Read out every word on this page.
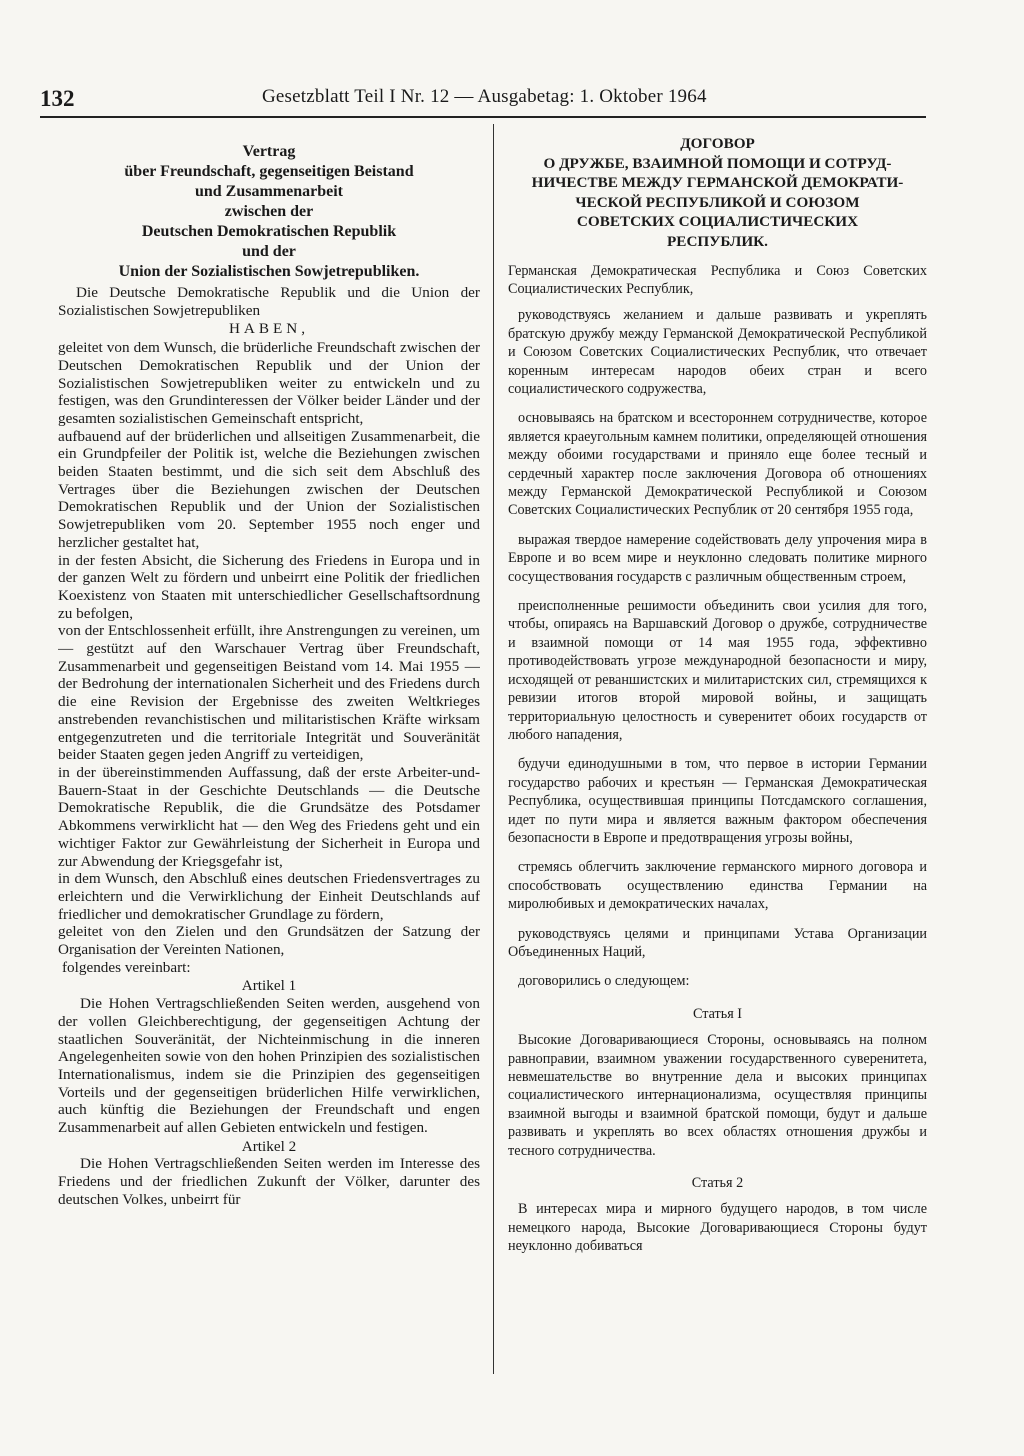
132	Gesetzblatt Teil I Nr. 12 — Ausgabetag: 1. Oktober 1964
Vertrag
über Freundschaft, gegenseitigen Beistand
und Zusammenarbeit
zwischen der
Deutschen Demokratischen Republik
und der
Union der Sozialistischen Sowjetrepubliken.

Die Deutsche Demokratische Republik und die Union der Sozialistischen Sowjetrepubliken

HABEN,

geleitet von dem Wunsch, die brüderliche Freundschaft zwischen der Deutschen Demokratischen Republik und der Union der Sozialistischen Sowjetrepubliken weiter zu entwickeln und zu festigen, was den Grundinteressen der Völker beider Länder und der gesamten sozialistischen Gemeinschaft entspricht,

aufbauend auf der brüderlichen und allseitigen Zusammenarbeit, die ein Grundpfeiler der Politik ist, welche die Beziehungen zwischen beiden Staaten bestimmt, und die sich seit dem Abschluß des Vertrages über die Beziehungen zwischen der Deutschen Demokratischen Republik und der Union der Sozialistischen Sowjetrepubliken vom 20. September 1955 noch enger und herzlicher gestaltet hat,

in der festen Absicht, die Sicherung des Friedens in Europa und in der ganzen Welt zu fördern und unbeirrt eine Politik der friedlichen Koexistenz von Staaten mit unterschiedlicher Gesellschaftsordnung zu befolgen,

von der Entschlossenheit erfüllt, ihre Anstrengungen zu vereinen, um — gestützt auf den Warschauer Vertrag über Freundschaft, Zusammenarbeit und gegenseitigen Beistand vom 14. Mai 1955 — der Bedrohung der internationalen Sicherheit und des Friedens durch die eine Revision der Ergebnisse des zweiten Weltkrieges anstrebenden revanchistischen und militaristischen Kräfte wirksam entgegenzutreten und die territoriale Integrität und Souveränität beider Staaten gegen jeden Angriff zu verteidigen,

in der übereinstimmenden Auffassung, daß der erste Arbeiter-und-Bauern-Staat in der Geschichte Deutschlands — die Deutsche Demokratische Republik, die die Grundsätze des Potsdamer Abkommens verwirklicht hat — den Weg des Friedens geht und ein wichtiger Faktor zur Gewährleistung der Sicherheit in Europa und zur Abwendung der Kriegsgefahr ist,

in dem Wunsch, den Abschluß eines deutschen Friedensvertrages zu erleichtern und die Verwirklichung der Einheit Deutschlands auf friedlicher und demokratischer Grundlage zu fördern,

geleitet von den Zielen und den Grundsätzen der Satzung der Organisation der Vereinten Nationen,

folgendes vereinbart:

Artikel 1

Die Hohen Vertragschließenden Seiten werden, ausgehend von der vollen Gleichberechtigung, der gegenseitigen Achtung der staatlichen Souveränität, der Nichteinmischung in die inneren Angelegenheiten sowie von den hohen Prinzipien des sozialistischen Internationalismus, indem sie die Prinzipien des gegenseitigen Vorteils und der gegenseitigen brüderlichen Hilfe verwirklichen, auch künftig die Beziehungen der Freundschaft und engen Zusammenarbeit auf allen Gebieten entwickeln und festigen.

Artikel 2

Die Hohen Vertragschließenden Seiten werden im Interesse des Friedens und der friedlichen Zukunft der Völker, darunter des deutschen Volkes, unbeirrt für

ДОГОВОР
О ДРУЖБЕ, ВЗАИМНОЙ ПОМОЩИ И СОТРУД-
НИЧЕСТВЕ МЕЖДУ ГЕРМАНСКОЙ ДЕМОКРАТИ-
ЧЕСКОЙ РЕСПУБЛИКОЙ И СОЮЗОМ
СОВЕТСКИХ СОЦИАЛИСТИЧЕСКИХ
РЕСПУБЛИК.

Германская Демократическая Республика и Союз Советских Социалистических Республик,

руководствуясь желанием и дальше развивать и укреплять братскую дружбу между Германской Демократической Республикой и Союзом Советских Социалистических Республик, что отвечает коренным интересам народов обеих стран и всего социалистического содружества,

основываясь на братском и всестороннем сотрудничестве, которое является краеугольным камнем политики, определяющей отношения между обоими государствами и приняло еще более тесный и сердечный характер после заключения Договора об отношениях между Германской Демократической Республикой и Союзом Советских Социалистических Республик от 20 сентября 1955 года,

выражая твердое намерение содействовать делу упрочения мира в Европе и во всем мире и неуклонно следовать политике мирного сосуществования государств с различным общественным строем,

преисполненные решимости объединить свои усилия для того, чтобы, опираясь на Варшавский Договор о дружбе, сотрудничестве и взаимной помощи от 14 мая 1955 года, эффективно противодействовать угрозе международной безопасности и миру, исходящей от реваншистских и милитаристских сил, стремящихся к ревизии итогов второй мировой войны, и защищать территориальную целостность и суверенитет обоих государств от любого нападения,

будучи единодушными в том, что первое в истории Германии государство рабочих и крестьян — Германская Демократическая Республика, осуществившая принципы Потсдамского соглашения, идет по пути мира и является важным фактором обеспечения безопасности в Европе и предотвращения угрозы войны,

стремясь облегчить заключение германского мирного договора и способствовать осуществлению единства Германии на миролюбивых и демократических началах,

руководствуясь целями и принципами Устава Организации Объединенных Наций,

договорились о следующем:

Статья I

Высокие Договаривающиеся Стороны, основываясь на полном равноправии, взаимном уважении государственного суверенитета, невмешательстве во внутренние дела и высоких принципах социалистического интернационализма, осуществляя принципы взаимной выгоды и взаимной братской помощи, будут и дальше развивать и укреплять во всех областях отношения дружбы и тесного сотрудничества.

Статья 2

В интересах мира и мирного будущего народов, в том числе немецкого народа, Высокие Договаривающиеся Стороны будут неуклонно добиваться
